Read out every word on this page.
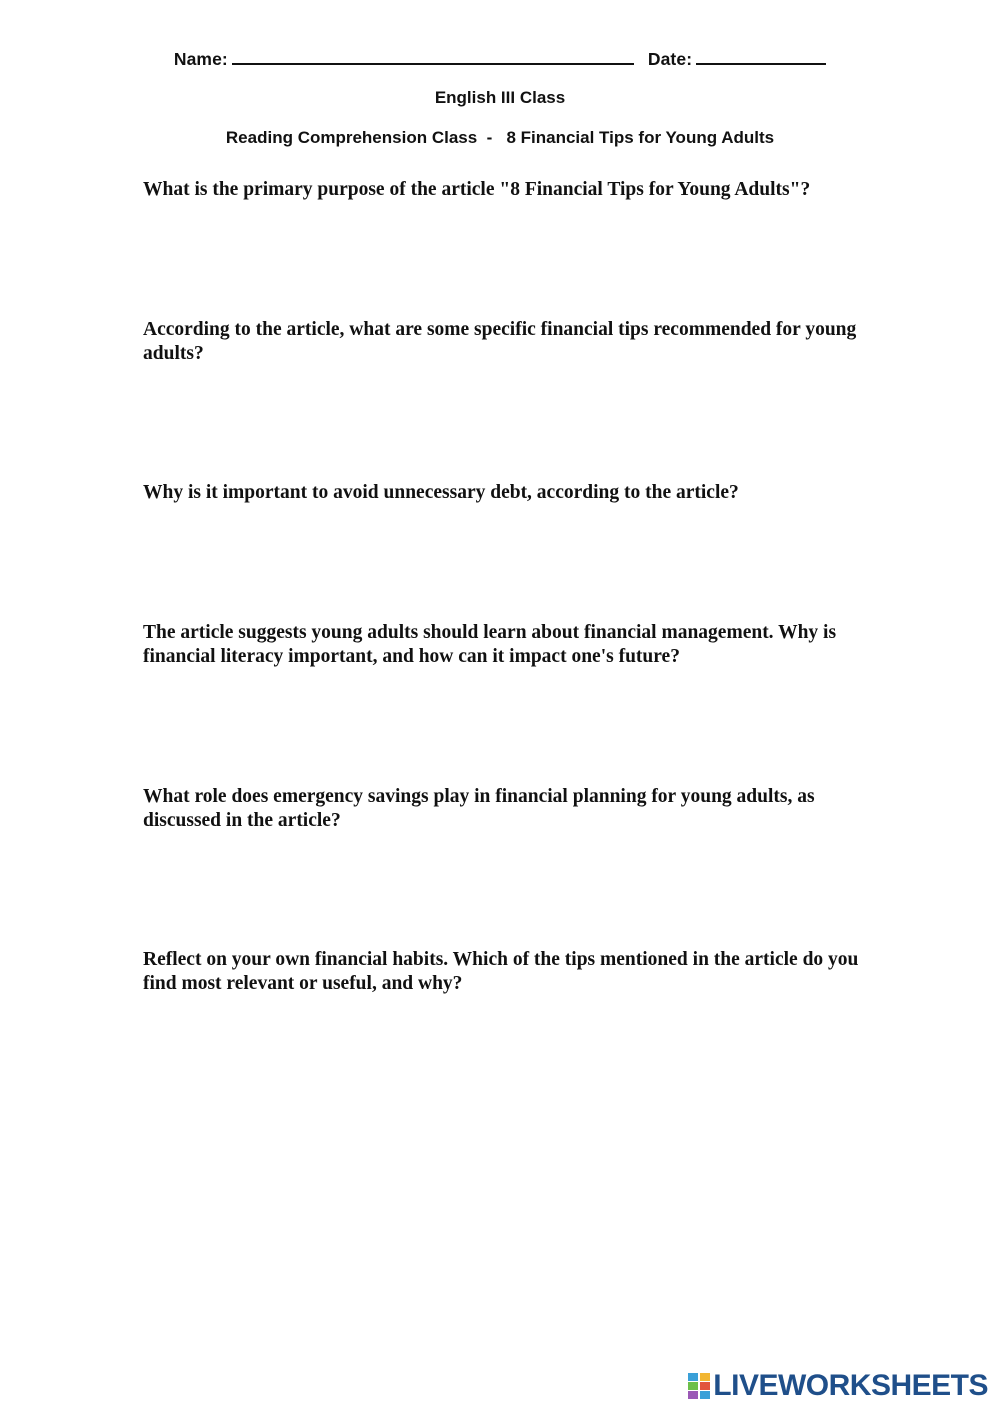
Name:	Date:
English III Class
Reading Comprehension Class  -   8 Financial Tips for Young Adults
What is the primary purpose of the article "8 Financial Tips for Young Adults"?
According to the article, what are some specific financial tips recommended for young adults?
Why is it important to avoid unnecessary debt, according to the article?
The article suggests young adults should learn about financial management. Why is financial literacy important, and how can it impact one's future?
What role does emergency savings play in financial planning for young adults, as discussed in the article?
Reflect on your own financial habits. Which of the tips mentioned in the article do you find most relevant or useful, and why?
LIVEWORKSHEETS
